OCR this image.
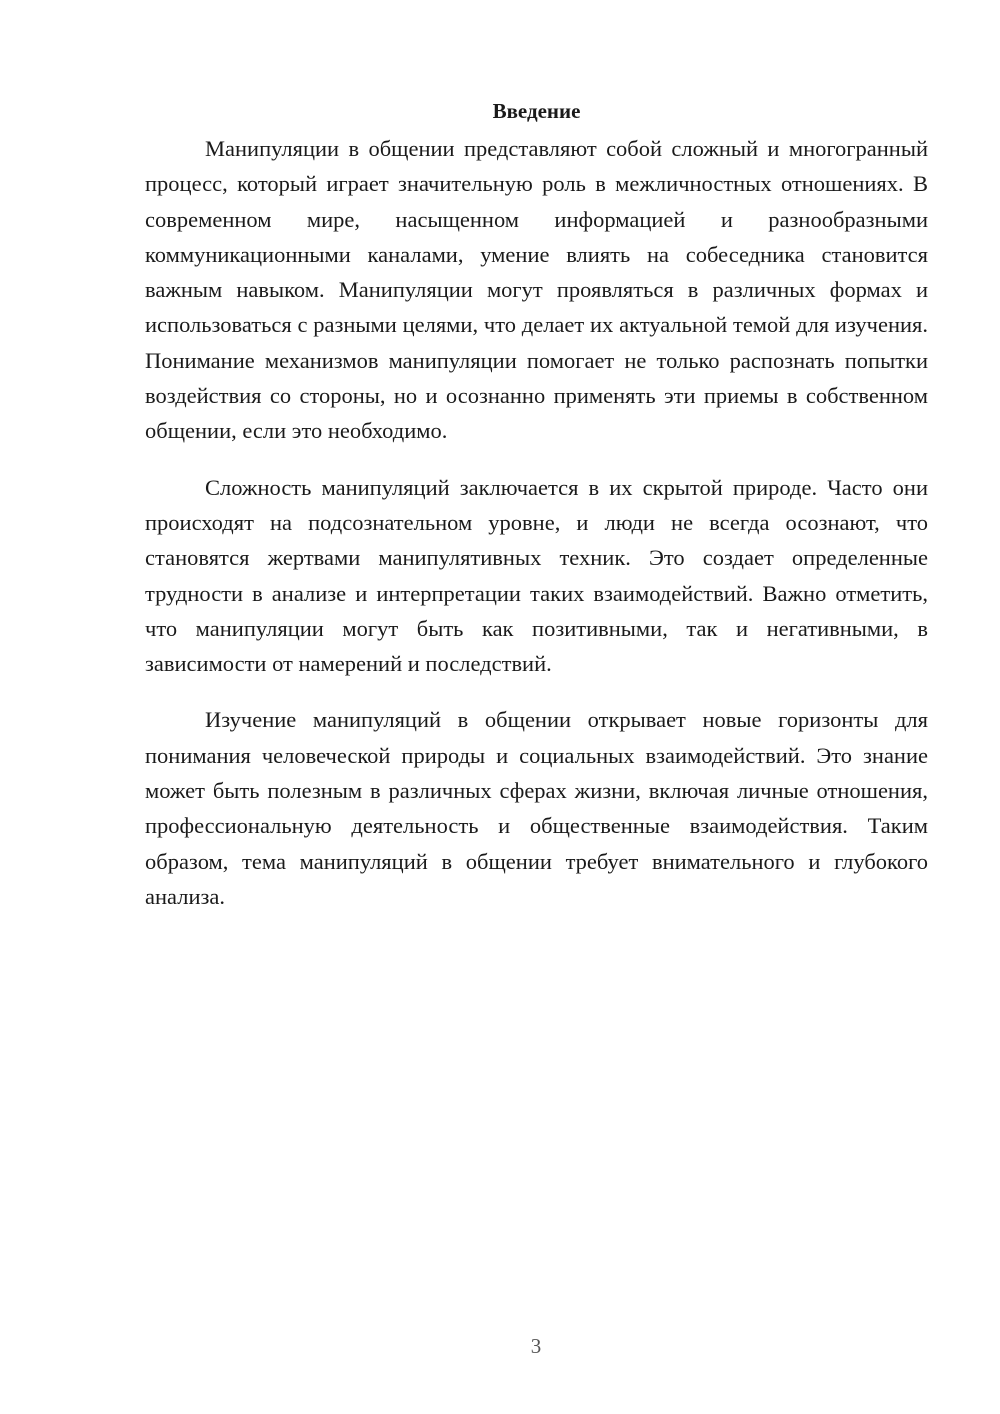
Введение

Манипуляции в общении представляют собой сложный и многогранный процесс, который играет значительную роль в межличностных отношениях. В современном мире, насыщенном информацией и разнообразными коммуникационными каналами, умение влиять на собеседника становится важным навыком. Манипуляции могут проявляться в различных формах и использоваться с разными целями, что делает их актуальной темой для изучения. Понимание механизмов манипуляции помогает не только распознать попытки воздействия со стороны, но и осознанно применять эти приемы в собственном общении, если это необходимо.

Сложность манипуляций заключается в их скрытой природе. Часто они происходят на подсознательном уровне, и люди не всегда осознают, что становятся жертвами манипулятивных техник. Это создает определенные трудности в анализе и интерпретации таких взаимодействий. Важно отметить, что манипуляции могут быть как позитивными, так и негативными, в зависимости от намерений и последствий.

Изучение манипуляций в общении открывает новые горизонты для понимания человеческой природы и социальных взаимодействий. Это знание может быть полезным в различных сферах жизни, включая личные отношения, профессиональную деятельность и общественные взаимодействия. Таким образом, тема манипуляций в общении требует внимательного и глубокого анализа.

3
